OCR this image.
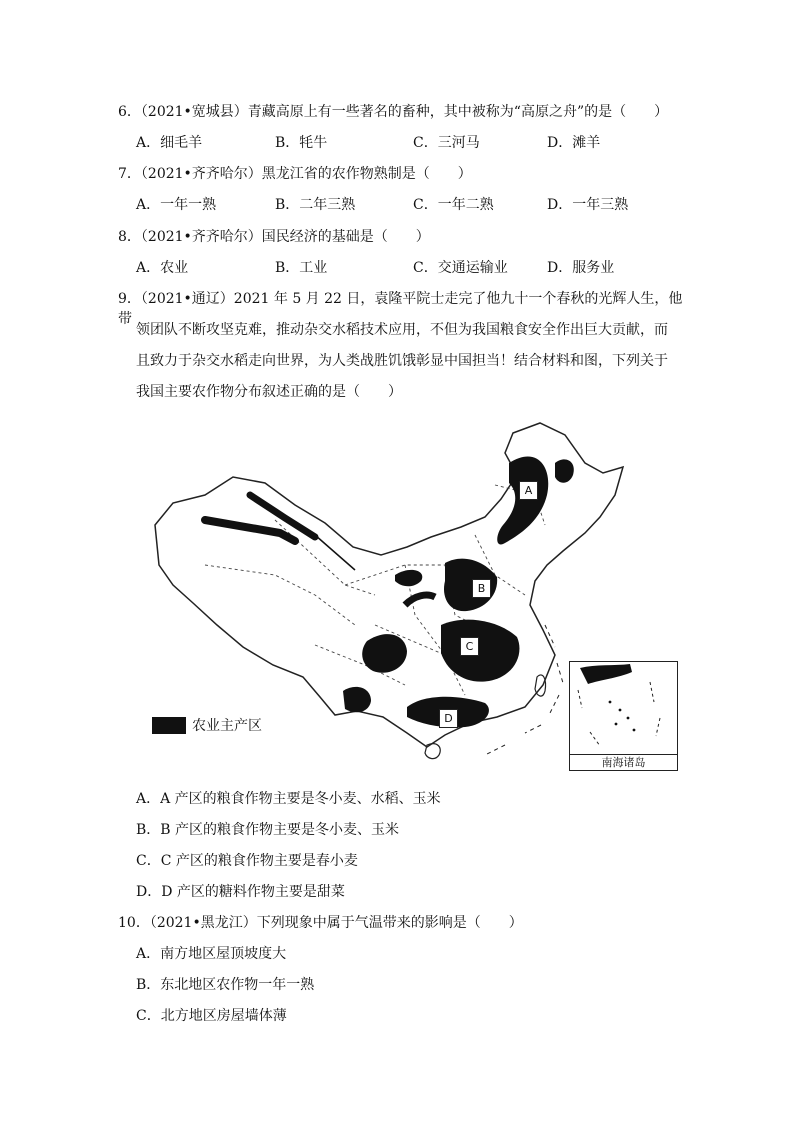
6．（2021•宽城县）青藏高原上有一些著名的畜种，其中被称为“高原之舟”的是（　　）
A．细毛羊	B．牦牛	C．三河马	D．滩羊
7．（2021•齐齐哈尔）黑龙江省的农作物熟制是（　　）
A．一年一熟	B．二年三熟	C．一年二熟	D．一年三熟
8．（2021•齐齐哈尔）国民经济的基础是（　　）
A．农业	B．工业	C．交通运输业	D．服务业
9．（2021•通辽）2021 年 5 月 22 日，袁隆平院士走完了他九十一个春秋的光辉人生，他带
领团队不断攻坚克难，推动杂交水稻技术应用，不但为我国粮食安全作出巨大贡献，而
且致力于杂交水稻走向世界，为人类战胜饥饿彰显中国担当！结合材料和图，下列关于
我国主要农作物分布叙述正确的是（　　）
A
B
C
D
农业主产区
南海诸岛
A．A 产区的粮食作物主要是冬小麦、水稻、玉米
B．B 产区的粮食作物主要是冬小麦、玉米
C．C 产区的粮食作物主要是春小麦
D．D 产区的糖料作物主要是甜菜
10．（2021•黑龙江）下列现象中属于气温带来的影响是（　　）
A．南方地区屋顶坡度大
B．东北地区农作物一年一熟
C．北方地区房屋墙体薄
